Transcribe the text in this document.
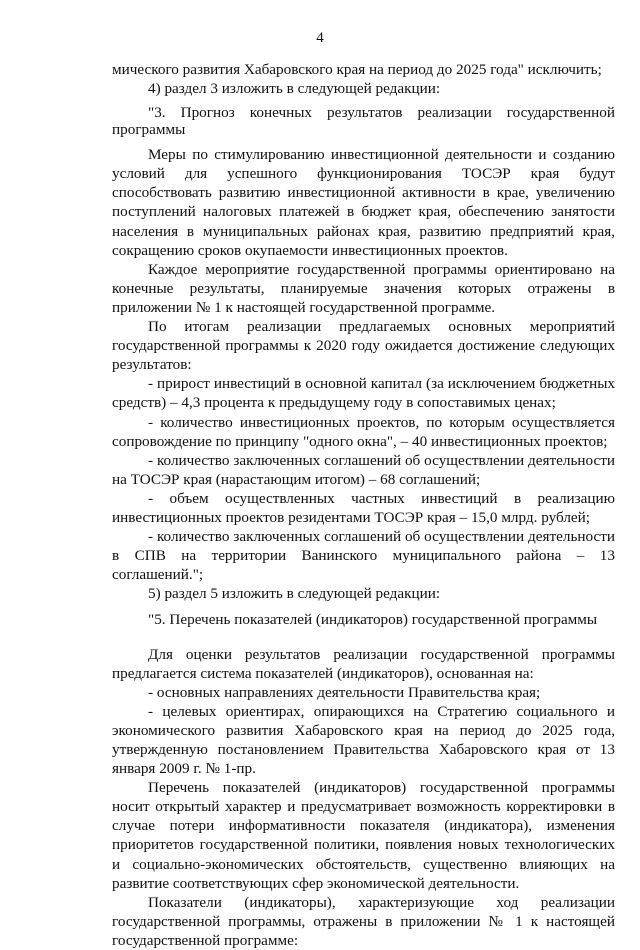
4

мического развития Хабаровского края на период до 2025 года" исключить;

4) раздел 3 изложить в следующей редакции:

"3. Прогноз конечных результатов реализации государственной программы

Меры по стимулированию инвестиционной деятельности и созданию условий для успешного функционирования ТОСЭР края будут способствовать развитию инвестиционной активности в крае, увеличению поступлений налоговых платежей в бюджет края, обеспечению занятости населения в муниципальных районах края, развитию предприятий края, сокращению сроков окупаемости инвестиционных проектов.

Каждое мероприятие государственной программы ориентировано на конечные результаты, планируемые значения которых отражены в приложении № 1 к настоящей государственной программе.

По итогам реализации предлагаемых основных мероприятий государственной программы к 2020 году ожидается достижение следующих результатов:

- прирост инвестиций в основной капитал (за исключением бюджетных средств) – 4,3 процента к предыдущему году в сопоставимых ценах;

- количество инвестиционных проектов, по которым осуществляется сопровождение по принципу "одного окна", – 40 инвестиционных проектов;

- количество заключенных соглашений об осуществлении деятельности на ТОСЭР края (нарастающим итогом) – 68 соглашений;

- объем осуществленных частных инвестиций в реализацию инвестиционных проектов резидентами ТОСЭР края – 15,0 млрд. рублей;

- количество заключенных соглашений об осуществлении деятельности в СПВ на территории Ванинского муниципального района – 13 соглашений.";

5) раздел 5 изложить в следующей редакции:

"5. Перечень показателей (индикаторов) государственной программы

Для оценки результатов реализации государственной программы предлагается система показателей (индикаторов), основанная на:

- основных направлениях деятельности Правительства края;

- целевых ориентирах, опирающихся на Стратегию социального и экономического развития Хабаровского края на период до 2025 года, утвержденную постановлением Правительства Хабаровского края от 13 января 2009 г. № 1-пр.

Перечень показателей (индикаторов) государственной программы носит открытый характер и предусматривает возможность корректировки в случае потери информативности показателя (индикатора), изменения приоритетов государственной политики, появления новых технологических и социально-экономических обстоятельств, существенно влияющих на развитие соответствующих сфер экономической деятельности.

Показатели (индикаторы), характеризующие ход реализации государственной программы, отражены в приложении № 1 к настоящей государственной программе:
